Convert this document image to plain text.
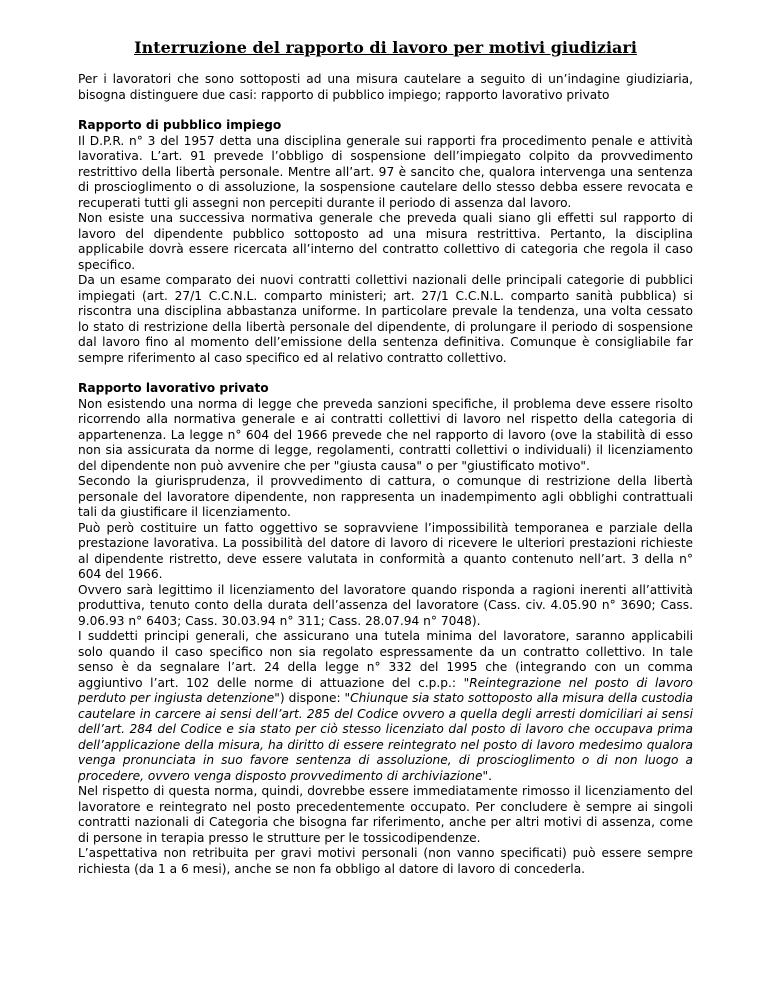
Interruzione del rapporto di lavoro per motivi giudiziari

Per i lavoratori che sono sottoposti ad una misura cautelare a seguito di un’indagine giudiziaria, bisogna distinguere due casi: rapporto di pubblico impiego; rapporto lavorativo privato

Rapporto di pubblico impiego

Il D.P.R. n° 3 del 1957 detta una disciplina generale sui rapporti fra procedimento penale e attività lavorativa. L’art. 91 prevede l’obbligo di sospensione dell’impiegato colpito da provvedimento restrittivo della libertà personale. Mentre all’art. 97 è sancito che, qualora intervenga una sentenza di proscioglimento o di assoluzione, la sospensione cautelare dello stesso debba essere revocata e recuperati tutti gli assegni non percepiti durante il periodo di assenza dal lavoro.

Non esiste una successiva normativa generale che preveda quali siano gli effetti sul rapporto di lavoro del dipendente pubblico sottoposto ad una misura restrittiva. Pertanto, la disciplina applicabile dovrà essere ricercata all’interno del contratto collettivo di categoria che regola il caso specifico.

Da un esame comparato dei nuovi contratti collettivi nazionali delle principali categorie di pubblici impiegati (art. 27/1 C.C.N.L. comparto ministeri; art. 27/1 C.C.N.L. comparto sanità pubblica) si riscontra una disciplina abbastanza uniforme. In particolare prevale la tendenza, una volta cessato lo stato di restrizione della libertà personale del dipendente, di prolungare il periodo di sospensione dal lavoro fino al momento dell’emissione della sentenza definitiva. Comunque è consigliabile far sempre riferimento al caso specifico ed al relativo contratto collettivo.

Rapporto lavorativo privato

Non esistendo una norma di legge che preveda sanzioni specifiche, il problema deve essere risolto ricorrendo alla normativa generale e ai contratti collettivi di lavoro nel rispetto della categoria di appartenenza. La legge n° 604 del 1966 prevede che nel rapporto di lavoro (ove la stabilità di esso non sia assicurata da norme di legge, regolamenti, contratti collettivi o individuali) il licenziamento del dipendente non può avvenire che per "giusta causa" o per "giustificato motivo".

Secondo la giurisprudenza, il provvedimento di cattura, o comunque di restrizione della libertà personale del lavoratore dipendente, non rappresenta un inadempimento agli obblighi contrattuali tali da giustificare il licenziamento.

Può però costituire un fatto oggettivo se sopravviene l’impossibilità temporanea e parziale della prestazione lavorativa. La possibilità del datore di lavoro di ricevere le ulteriori prestazioni richieste al dipendente ristretto, deve essere valutata in conformità a quanto contenuto nell’art. 3 della n° 604 del 1966.

Ovvero sarà legittimo il licenziamento del lavoratore quando risponda a ragioni inerenti all’attività produttiva, tenuto conto della durata dell’assenza del lavoratore (Cass. civ. 4.05.90 n° 3690; Cass. 9.06.93 n° 6403; Cass. 30.03.94 n° 311; Cass. 28.07.94 n° 7048).

I suddetti principi generali, che assicurano una tutela minima del lavoratore, saranno applicabili solo quando il caso specifico non sia regolato espressamente da un contratto collettivo. In tale senso è da segnalare l’art. 24 della legge n° 332 del 1995 che (integrando con un comma aggiuntivo l’art. 102 delle norme di attuazione del c.p.p.: "Reintegrazione nel posto di lavoro perduto per ingiusta detenzione") dispone: "Chiunque sia stato sottoposto alla misura della custodia cautelare in carcere ai sensi dell’art. 285 del Codice ovvero a quella degli arresti domiciliari ai sensi dell’art. 284 del Codice e sia stato per ciò stesso licenziato dal posto di lavoro che occupava prima dell’applicazione della misura, ha diritto di essere reintegrato nel posto di lavoro medesimo qualora venga pronunciata in suo favore sentenza di assoluzione, di proscioglimento o di non luogo a procedere, ovvero venga disposto provvedimento di archiviazione".

Nel rispetto di questa norma, quindi, dovrebbe essere immediatamente rimosso il licenziamento del lavoratore e reintegrato nel posto precedentemente occupato. Per concludere è sempre ai singoli contratti nazionali di Categoria che bisogna far riferimento, anche per altri motivi di assenza, come di persone in terapia presso le strutture per le tossicodipendenze.

L’aspettativa non retribuita per gravi motivi personali (non vanno specificati) può essere sempre richiesta (da 1 a 6 mesi), anche se non fa obbligo al datore di lavoro di concederla.
